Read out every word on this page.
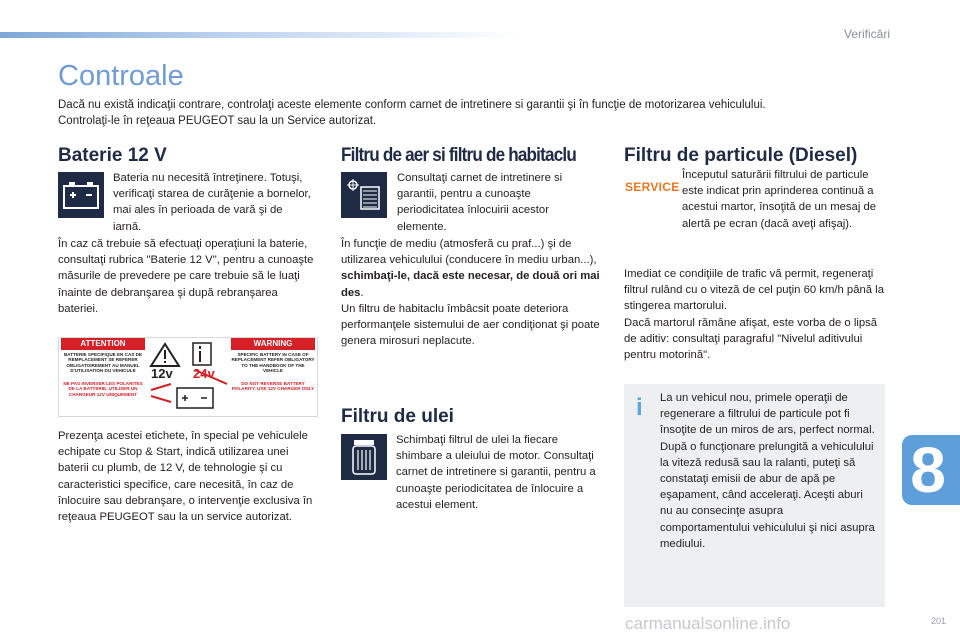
Verificări
Controale

Dacă nu există indicaţii contrare, controlaţi aceste elemente conform carnet de intretinere si garantii şi în funcţie de motorizarea vehiculului.

Controlaţi-le în reţeaua PEUGEOT sau la un Service autorizat.

Baterie 12 V
Bateria nu necesită întreţinere. Totuşi, verificaţi starea de curăţenie a bornelor, mai ales în perioada de vară şi de iarnă.
În caz că trebuie să efectuaţi operaţiuni la baterie, consultaţi rubrica "Baterie 12 V", pentru a cunoaşte măsurile de prevedere pe care trebuie să le luaţi înainte de debranşarea şi după rebranşarea bateriei.
ATTENTION	WARNING
BATTERIE SPECIFIQUE EN CAS DE REMPLACEMENT SE REFERER OBLIGATOIREMENT AU MANUEL D'UTILISATION DU VEHICULE
NE PAS INVERSER LES POLARITES DE LA BATTERIE. UTILISER UN CHARGEUR 12V UNIQUEMENT
SPECIFIC BATTERY IN CASE OF REPLACEMENT REFER OBLIGATORY TO THE HANDBOOK OF THE VEHICLE
DO NOT REVERSE BATTERY POLARITY. USE 12V CHARGER ONLY
12v 24v
Prezenţa acestei etichete, în special pe vehiculele echipate cu Stop & Start, indică utilizarea unei baterii cu plumb, de 12 V, de tehnologie şi cu caracteristici specifice, care necesită, în caz de înlocuire sau debranşare, o intervenţie exclusiva în reţeaua PEUGEOT sau la un service autorizat.
Filtru de aer si filtru de habitaclu
Consultaţi carnet de intretinere si garantii, pentru a cunoaşte periodicitatea înlocuirii acestor elemente.
În funcţie de mediu (atmosferă cu praf...) şi de utilizarea vehiculului (conducere în mediu urban...), schimbaţi-le, dacă este necesar, de două ori mai des.

Un filtru de habitaclu îmbâcsit poate deteriora performanţele sistemului de aer condiţionat şi poate genera mirosuri neplacute.

Filtru de ulei
Schimbaţi filtrul de ulei la fiecare shimbare a uleiului de motor. Consultaţi carnet de intretinere si garantii, pentru a cunoaşte periodicitatea de înlocuire a acestui element.
Filtru de particule (Diesel)
SERVICE
Începutul saturării filtrului de particule este indicat prin aprinderea continuă a acestui martor, însoţită de un mesaj de alertă pe ecran (dacă aveţi afişaj).

Imediat ce condiţiile de trafic vă permit, regeneraţi filtrul rulând cu o viteză de cel puţin 60 km/h până la stingerea martorului.

Dacă martorul rămâne afişat, este vorba de o lipsă de aditiv: consultaţi paragraful "Nivelul aditivului pentru motorină".

i La un vehicul nou, primele operaţii de regenerare a filtrului de particule pot fi însoţite de un miros de ars, perfect normal.

După o funcţionare prelungită a vehiculului la viteză redusă sau la ralanti, puteţi să constataţi emisii de abur de apă pe eşapament, când acceleraţi. Aceşti aburi nu au consecinţe asupra comportamentului vehiculului şi nici asupra mediului.

8
carmanualsonline.info	201
